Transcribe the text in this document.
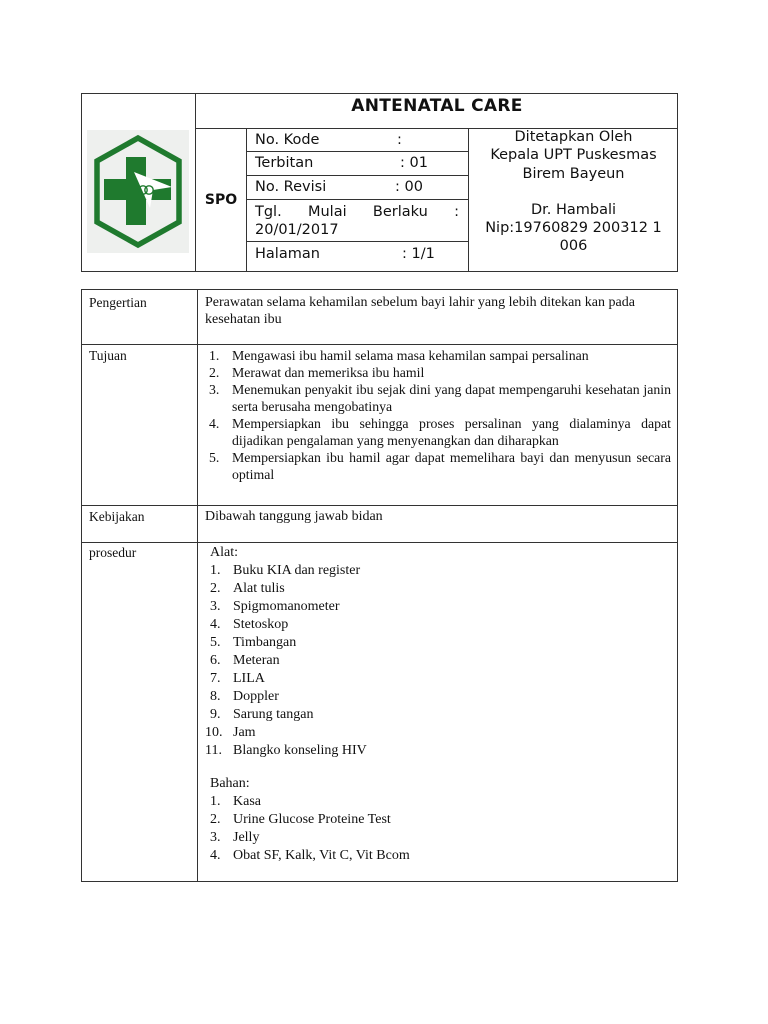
ANTENATAL CARE
SPO
No. Kode	:
Terbitan	: 01
No. Revisi	: 00
Tgl. Mulai Berlaku :
20/01/2017
Halaman	: 1/1
Ditetapkan Oleh
Kepala UPT Puskesmas
Birem Bayeun
Dr. Hambali
Nip:19760829 200312 1
006
Pengertian	Perawatan selama kehamilan sebelum bayi lahir yang lebih ditekan kan pada
kesehatan ibu
Tujuan	1. Mengawasi ibu hamil selama masa kehamilan sampai persalinan
2. Merawat dan memeriksa ibu hamil
3. Menemukan penyakit ibu sejak dini yang dapat mempengaruhi kesehatan janin serta berusaha mengobatinya
4. Mempersiapkan ibu sehingga proses persalinan yang dialaminya dapat dijadikan pengalaman yang menyenangkan dan diharapkan
5. Mempersiapkan ibu hamil agar dapat memelihara bayi dan menyusun secara optimal
Kebijakan	Dibawah tanggung jawab bidan
prosedur	Alat:
1. Buku KIA dan register
2. Alat tulis
3. Spigmomanometer
4. Stetoskop
5. Timbangan
6. Meteran
7. LILA
8. Doppler
9. Sarung tangan
10. Jam
11. Blangko konseling HIV
Bahan:
1. Kasa
2. Urine Glucose Proteine Test
3. Jelly
4. Obat SF, Kalk, Vit C, Vit Bcom
